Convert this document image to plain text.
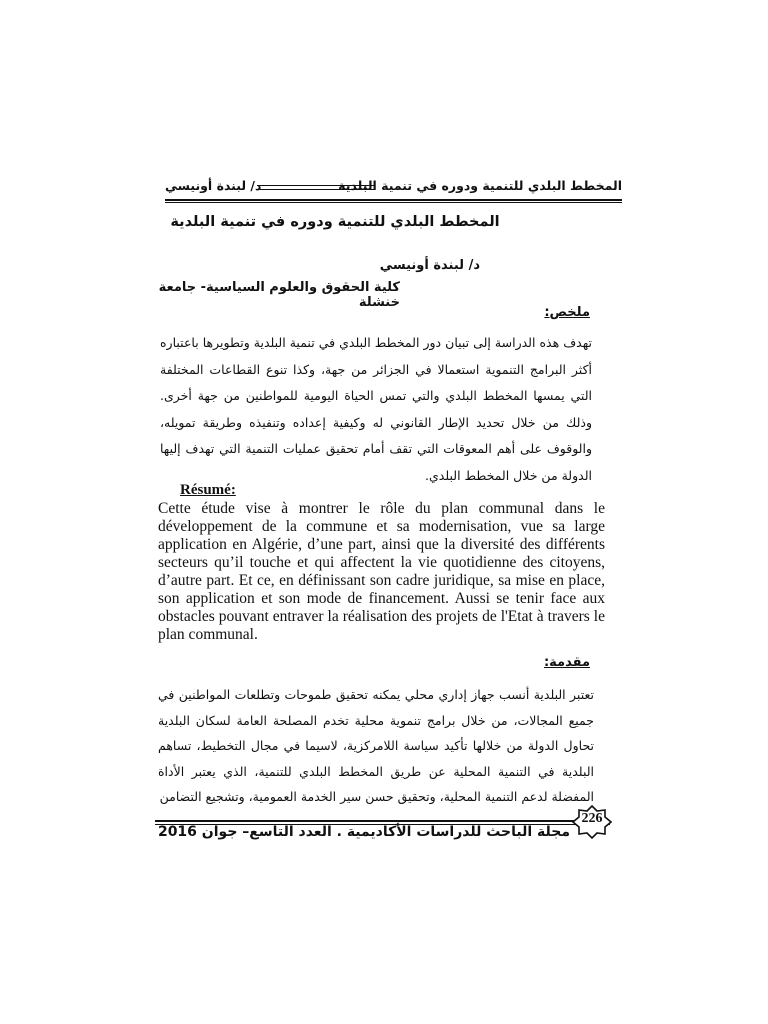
د/ لبندة أونيسي	المخطط البلدي للتنمية ودوره في تنمية البلدية
المخطط البلدي للتنمية ودوره في تنمية البلدية
د/ لبندة أونيسي
كلية الحقوق والعلوم السياسية- جامعة خنشلة
ملخص:

تهدف هذه الدراسة إلى تبيان دور المخطط البلدي في تنمية البلدية وتطويرها باعتباره أكثر البرامج التنموية استعمالا في الجزائر من جهة، وكذا تنوع القطاعات المختلفة التي يمسها المخطط البلدي والتي تمس الحياة اليومية للمواطنين من جهة أخرى. وذلك من خلال تحديد الإطار القانوني له وكيفية إعداده وتنفيذه وطريقة تمويله، والوقوف على أهم المعوقات التي تقف أمام تحقيق عمليات التنمية التي تهدف إليها الدولة من خلال المخطط البلدي.

Résumé:

Cette étude vise à montrer le rôle du plan communal dans le développement de la commune et sa modernisation, vue sa large application en Algérie, d’une part, ainsi que la diversité des différents secteurs qu’il touche et qui affectent la vie quotidienne des citoyens, d’autre part. Et ce, en définissant son cadre juridique, sa mise en place, son application et son mode de financement. Aussi se tenir face aux obstacles pouvant entraver la réalisation des projets de l'Etat à travers le plan communal.

مقدمة:

تعتبر البلدية أنسب جهاز إداري محلي يمكنه تحقيق طموحات وتطلعات المواطنين في جميع المجالات، من خلال برامج تنموية محلية تخدم المصلحة العامة لسكان البلدية تحاول الدولة من خلالها تأكيد سياسة اللامركزية، لاسيما في مجال التخطيط، تساهم البلدية في التنمية المحلية عن طريق المخطط البلدي للتنمية، الذي يعتبر الأداة المفضلة لدعم التنمية المحلية، وتحقيق حسن سير الخدمة العمومية، وتشجيع التضامن

226
مجلة الباحث للدراسات الأكاديمية . العدد التاسع– جوان 2016
